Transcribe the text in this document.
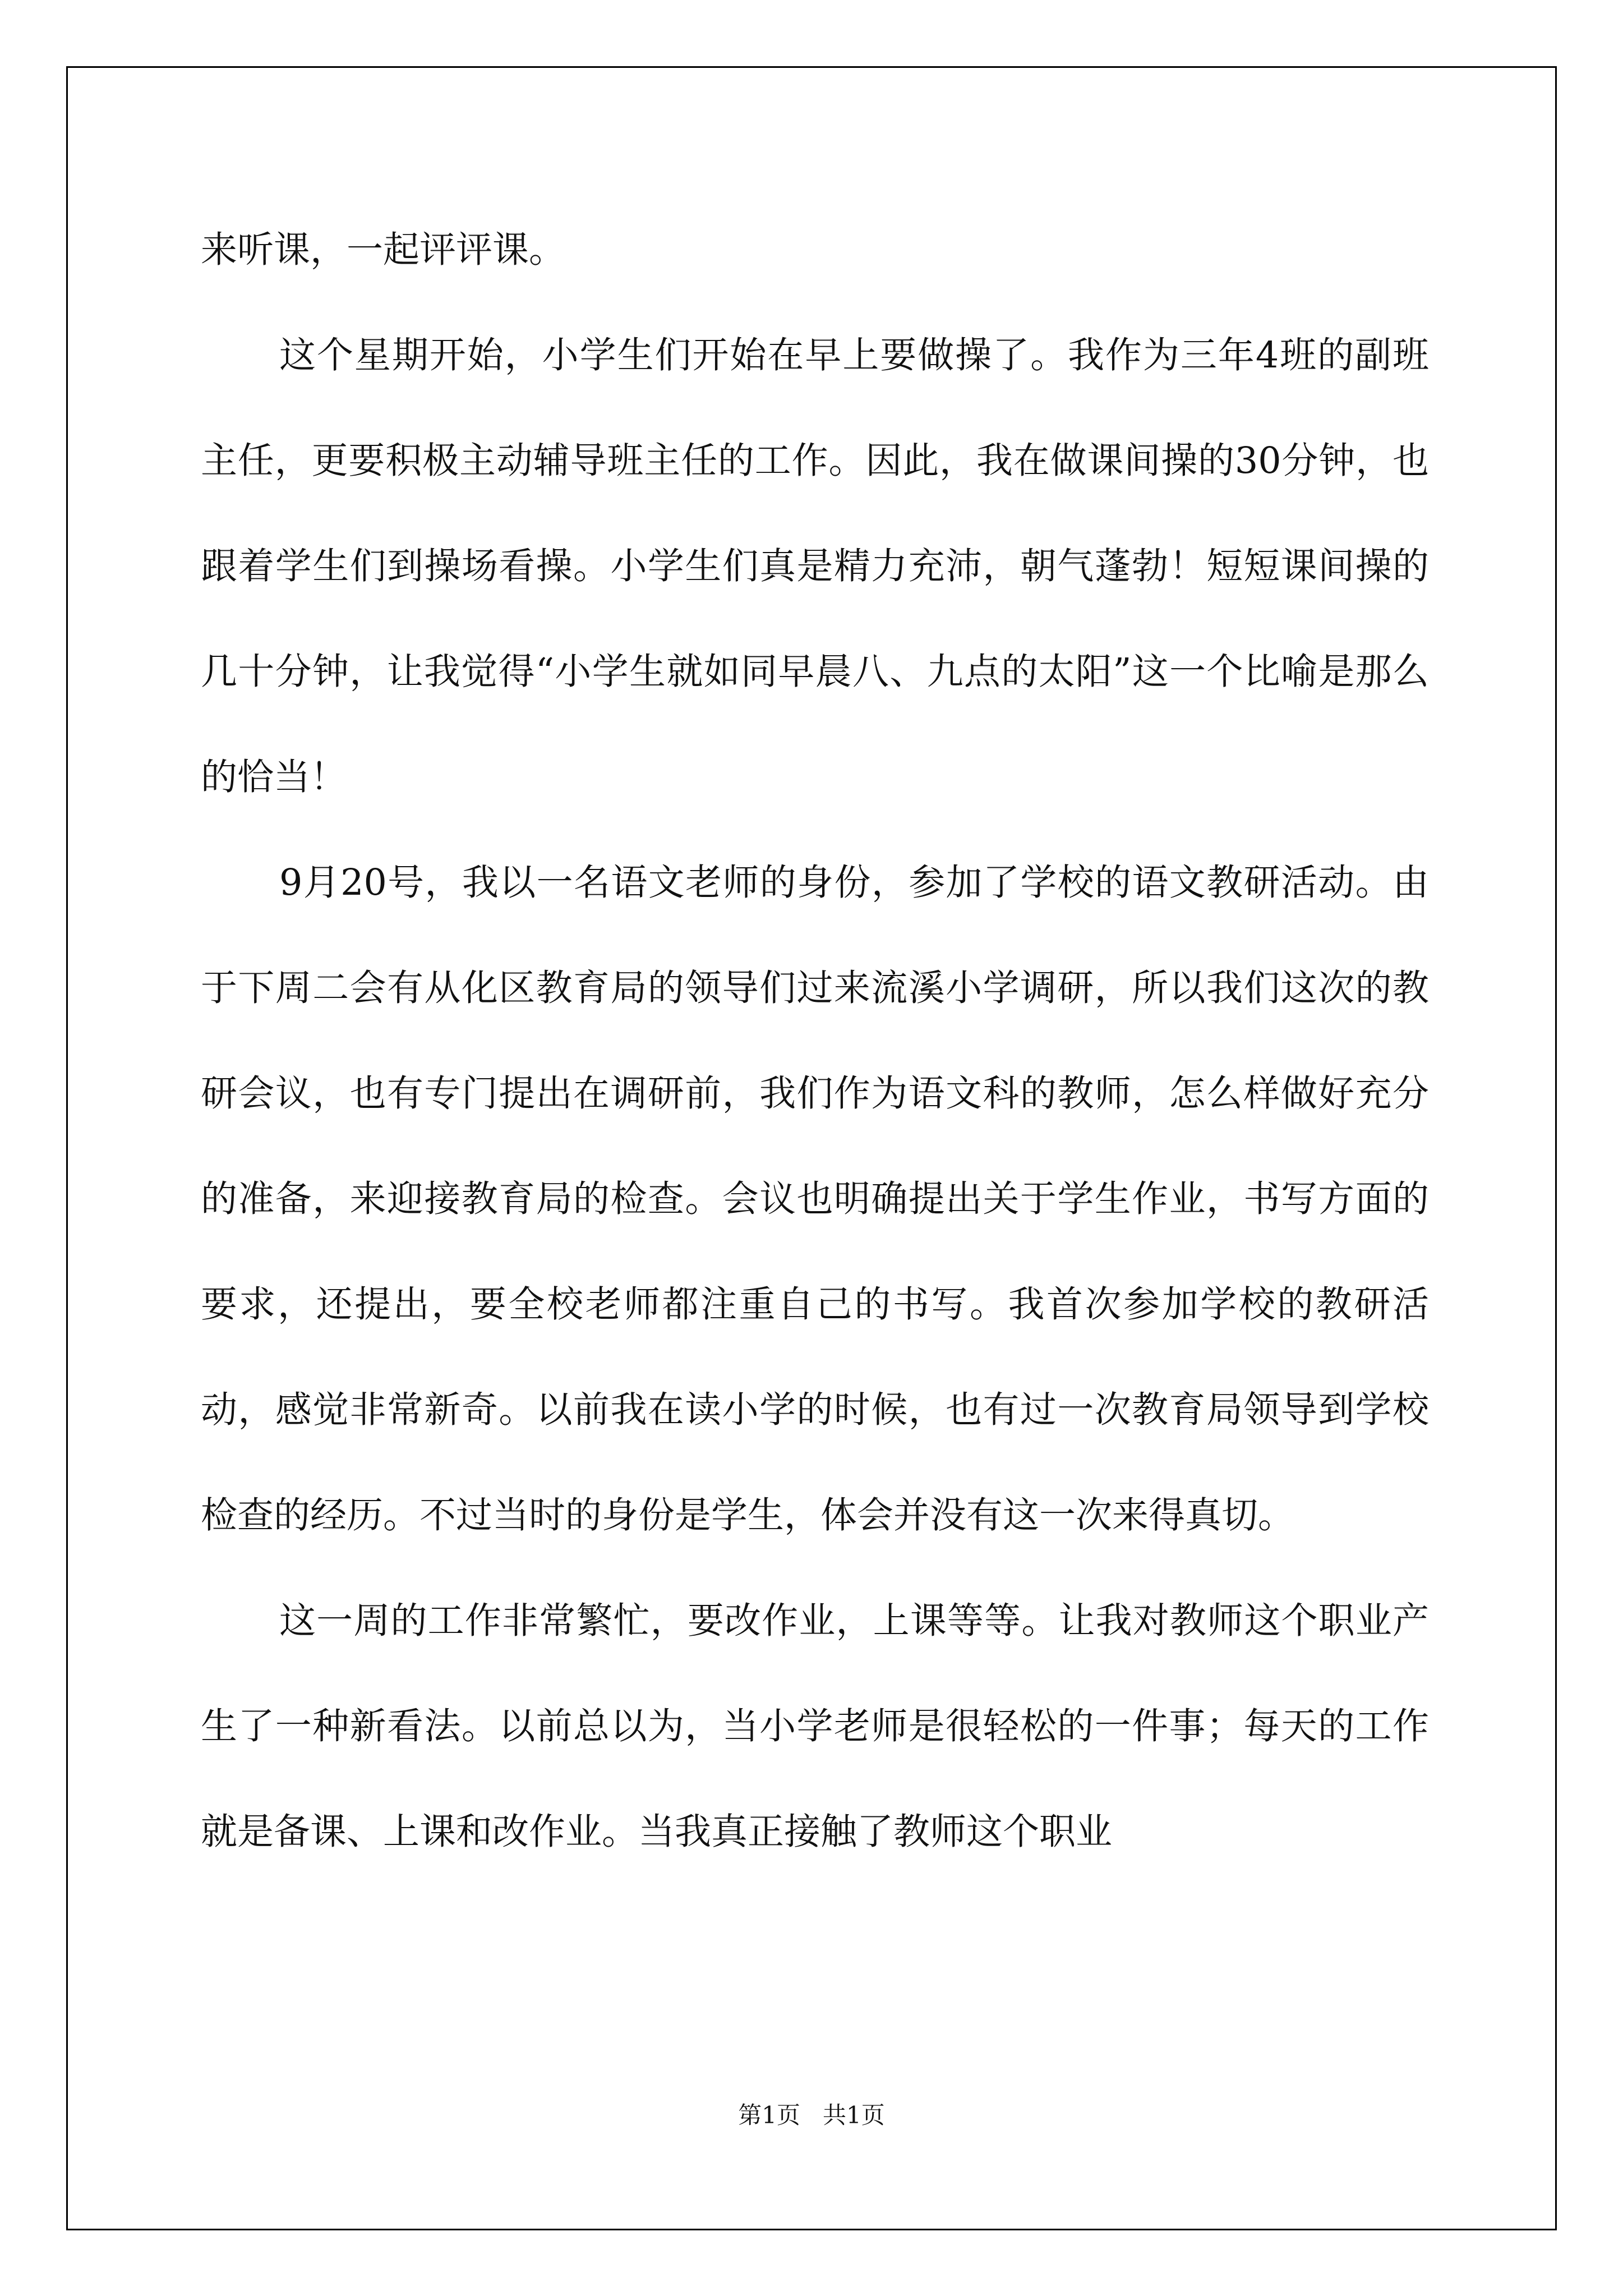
来听课，一起评评课。

这个星期开始，小学生们开始在早上要做操了。我作为三年4班的副班主任，更要积极主动辅导班主任的工作。因此，我在做课间操的30分钟，也跟着学生们到操场看操。小学生们真是精力充沛，朝气蓬勃！短短课间操的几十分钟，让我觉得“小学生就如同早晨八、九点的太阳”这一个比喻是那么的恰当！

9月20号，我以一名语文老师的身份，参加了学校的语文教研活动。由于下周二会有从化区教育局的领导们过来流溪小学调研，所以我们这次的教研会议，也有专门提出在调研前，我们作为语文科的教师，怎么样做好充分的准备，来迎接教育局的检查。会议也明确提出关于学生作业，书写方面的要求，还提出，要全校老师都注重自己的书写。我首次参加学校的教研活动，感觉非常新奇。以前我在读小学的时候，也有过一次教育局领导到学校检查的经历。不过当时的身份是学生，体会并没有这一次来得真切。

这一周的工作非常繁忙，要改作业，上课等等。让我对教师这个职业产生了一种新看法。以前总以为，当小学老师是很轻松的一件事；每天的工作就是备课、上课和改作业。当我真正接触了教师这个职业

第1页   共1页
